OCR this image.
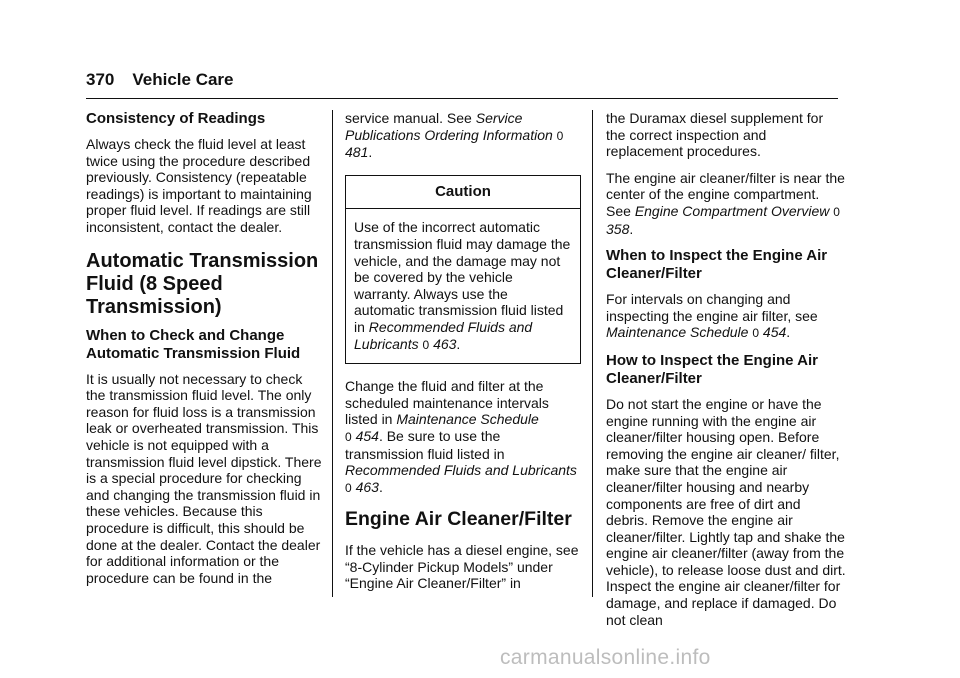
370 Vehicle Care
Consistency of Readings

Always check the fluid level at least twice using the procedure described previously. Consistency (repeatable readings) is important to maintaining proper fluid level. If readings are still inconsistent, contact the dealer.

Automatic Transmission
Fluid (8 Speed
Transmission)
When to Check and Change Automatic Transmission Fluid

It is usually not necessary to check the transmission fluid level. The only reason for fluid loss is a transmission leak or overheated transmission. This vehicle is not equipped with a transmission fluid level dipstick. There is a special procedure for checking and changing the transmission fluid in these vehicles. Because this procedure is difficult, this should be done at the dealer. Contact the dealer for additional information or the procedure can be found in the

service manual. See Service Publications Ordering Information 0 481.

Caution
Use of the incorrect automatic transmission fluid may damage the vehicle, and the damage may not be covered by the vehicle warranty. Always use the automatic transmission fluid listed in Recommended Fluids and Lubricants 0 463.

Change the fluid and filter at the scheduled maintenance intervals listed in Maintenance Schedule
0 454. Be sure to use the transmission fluid listed in Recommended Fluids and Lubricants 0 463.

Engine Air Cleaner/Filter

If the vehicle has a diesel engine, see “8-Cylinder Pickup Models” under “Engine Air Cleaner/Filter” in

the Duramax diesel supplement for the correct inspection and replacement procedures.

The engine air cleaner/filter is near the center of the engine compartment. See Engine Compartment Overview 0 358.

When to Inspect the Engine Air Cleaner/Filter

For intervals on changing and inspecting the engine air filter, see Maintenance Schedule 0 454.

How to Inspect the Engine Air Cleaner/Filter

Do not start the engine or have the engine running with the engine air cleaner/filter housing open. Before removing the engine air cleaner/ filter, make sure that the engine air cleaner/filter housing and nearby components are free of dirt and debris. Remove the engine air cleaner/filter. Lightly tap and shake the engine air cleaner/filter (away from the vehicle), to release loose dust and dirt. Inspect the engine air cleaner/filter for damage, and replace if damaged. Do not clean

carmanualsonline.info
